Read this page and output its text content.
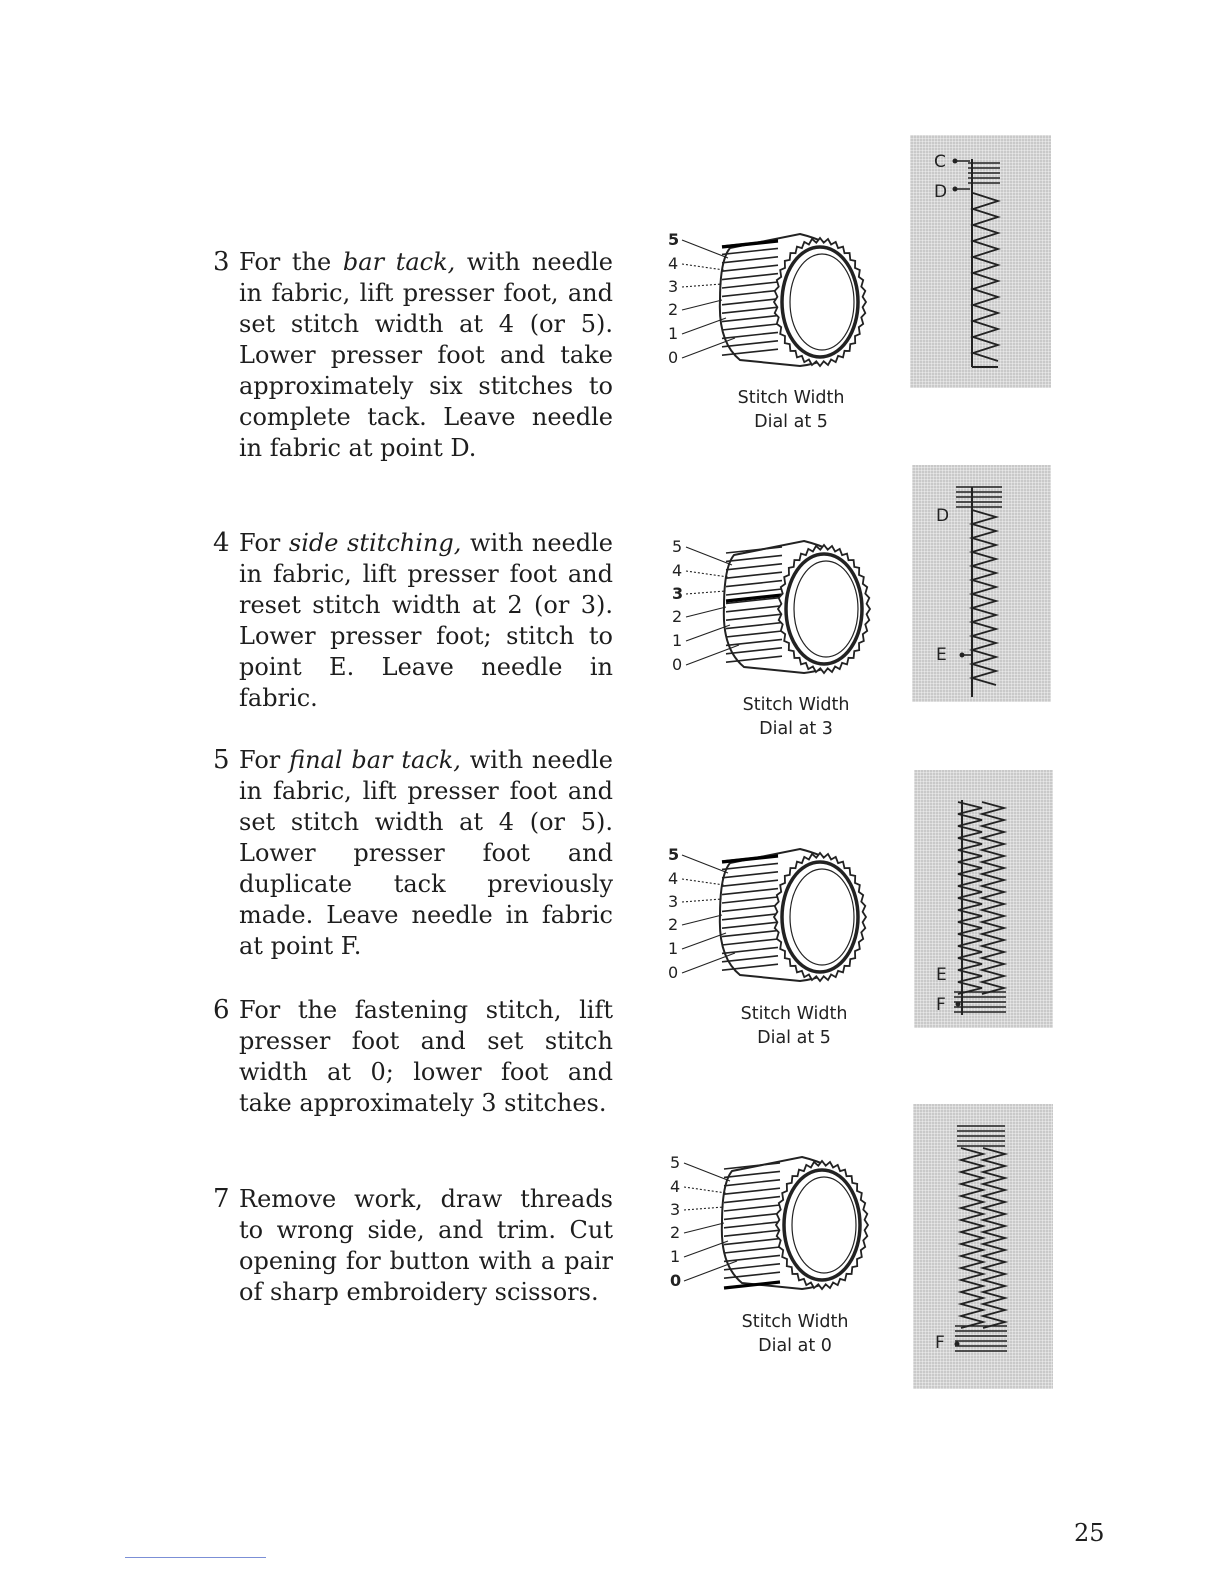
3 For the bar tack, with needle in fabric, lift presser foot, and set stitch width at 4 (or 5). Lower presser foot and take approximately six stitches to complete tack. Leave needle in fabric at point D.
4 For side stitching, with needle in fabric, lift presser foot and reset stitch width at 2 (or 3). Lower presser foot; stitch to point E. Leave needle in fabric.
5 For final bar tack, with needle in fabric, lift presser foot and set stitch width at 4 (or 5). Lower presser foot and duplicate tack previously made. Leave needle in fabric at point F.
6 For the fastening stitch, lift presser foot and set stitch width at 0; lower foot and take approximately 3 stitches.
7 Remove work, draw threads to wrong side, and trim. Cut opening for button with a pair of sharp embroidery scissors.
5
4
3
2
1
0
Stitch Width
Dial at 5
5
4
3
2
1
0
Stitch Width
Dial at 3
5
4
3
2
1
0
Stitch Width
Dial at 5
5
4
3
2
1
0
Stitch Width
Dial at 0
C
D
D
E
E
F
F
25
